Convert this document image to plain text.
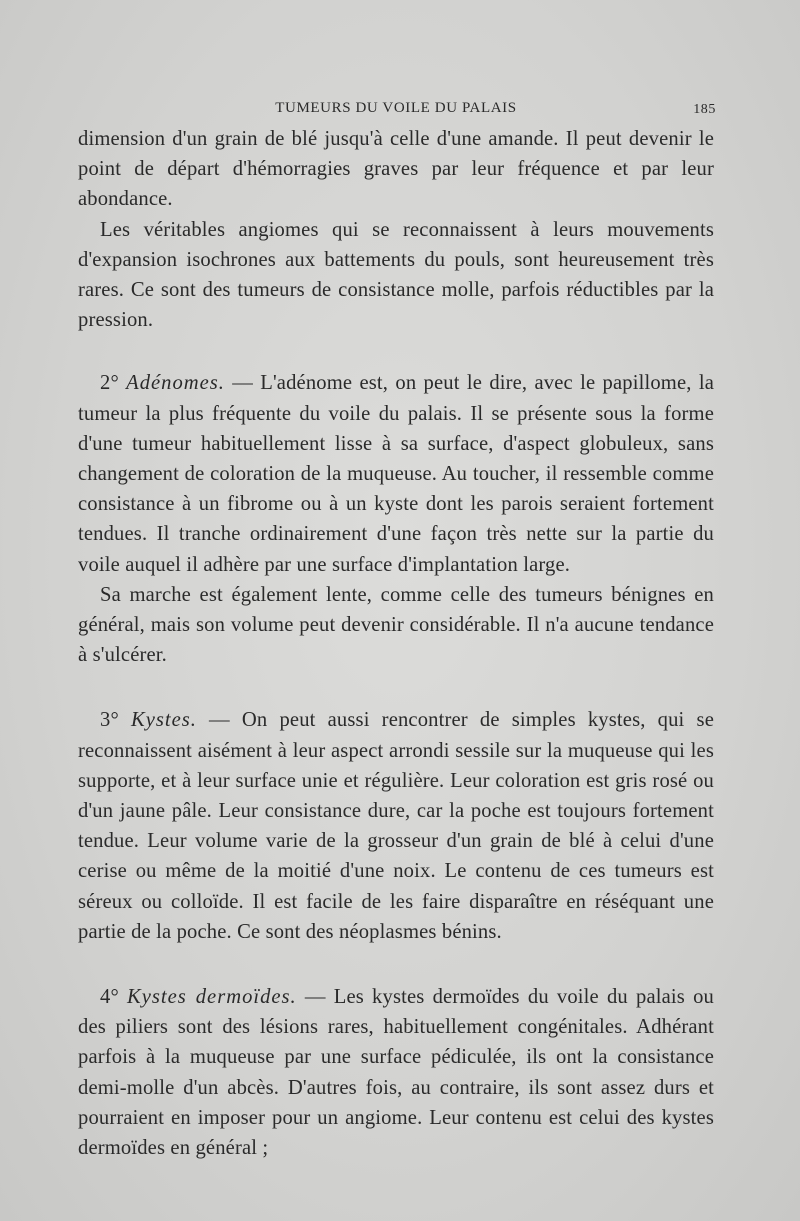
TUMEURS DU VOILE DU PALAIS	185

dimension d'un grain de blé jusqu'à celle d'une amande. Il peut devenir le point de départ d'hémorragies graves par leur fréquence et par leur abondance.

Les véritables angiomes qui se reconnaissent à leurs mouvements d'expansion isochrones aux battements du pouls, sont heureusement très rares. Ce sont des tumeurs de consistance molle, parfois réductibles par la pression.

2° Adénomes. — L'adénome est, on peut le dire, avec le papillome, la tumeur la plus fréquente du voile du palais. Il se présente sous la forme d'une tumeur habituellement lisse à sa surface, d'aspect globuleux, sans changement de coloration de la muqueuse. Au toucher, il ressemble comme consistance à un fibrome ou à un kyste dont les parois seraient fortement tendues. Il tranche ordinairement d'une façon très nette sur la partie du voile auquel il adhère par une surface d'implantation large.

Sa marche est également lente, comme celle des tumeurs bénignes en général, mais son volume peut devenir considérable. Il n'a aucune tendance à s'ulcérer.

3° Kystes. — On peut aussi rencontrer de simples kystes, qui se reconnaissent aisément à leur aspect arrondi sessile sur la muqueuse qui les supporte, et à leur surface unie et régulière. Leur coloration est gris rosé ou d'un jaune pâle. Leur consistance dure, car la poche est toujours fortement tendue. Leur volume varie de la grosseur d'un grain de blé à celui d'une cerise ou même de la moitié d'une noix. Le contenu de ces tumeurs est séreux ou colloïde. Il est facile de les faire disparaître en réséquant une partie de la poche. Ce sont des néoplasmes bénins.

4° Kystes dermoïdes. — Les kystes dermoïdes du voile du palais ou des piliers sont des lésions rares, habituellement congénitales. Adhérant parfois à la muqueuse par une surface pédiculée, ils ont la consistance demi-molle d'un abcès. D'autres fois, au contraire, ils sont assez durs et pourraient en imposer pour un angiome. Leur contenu est celui des kystes dermoïdes en général ;
